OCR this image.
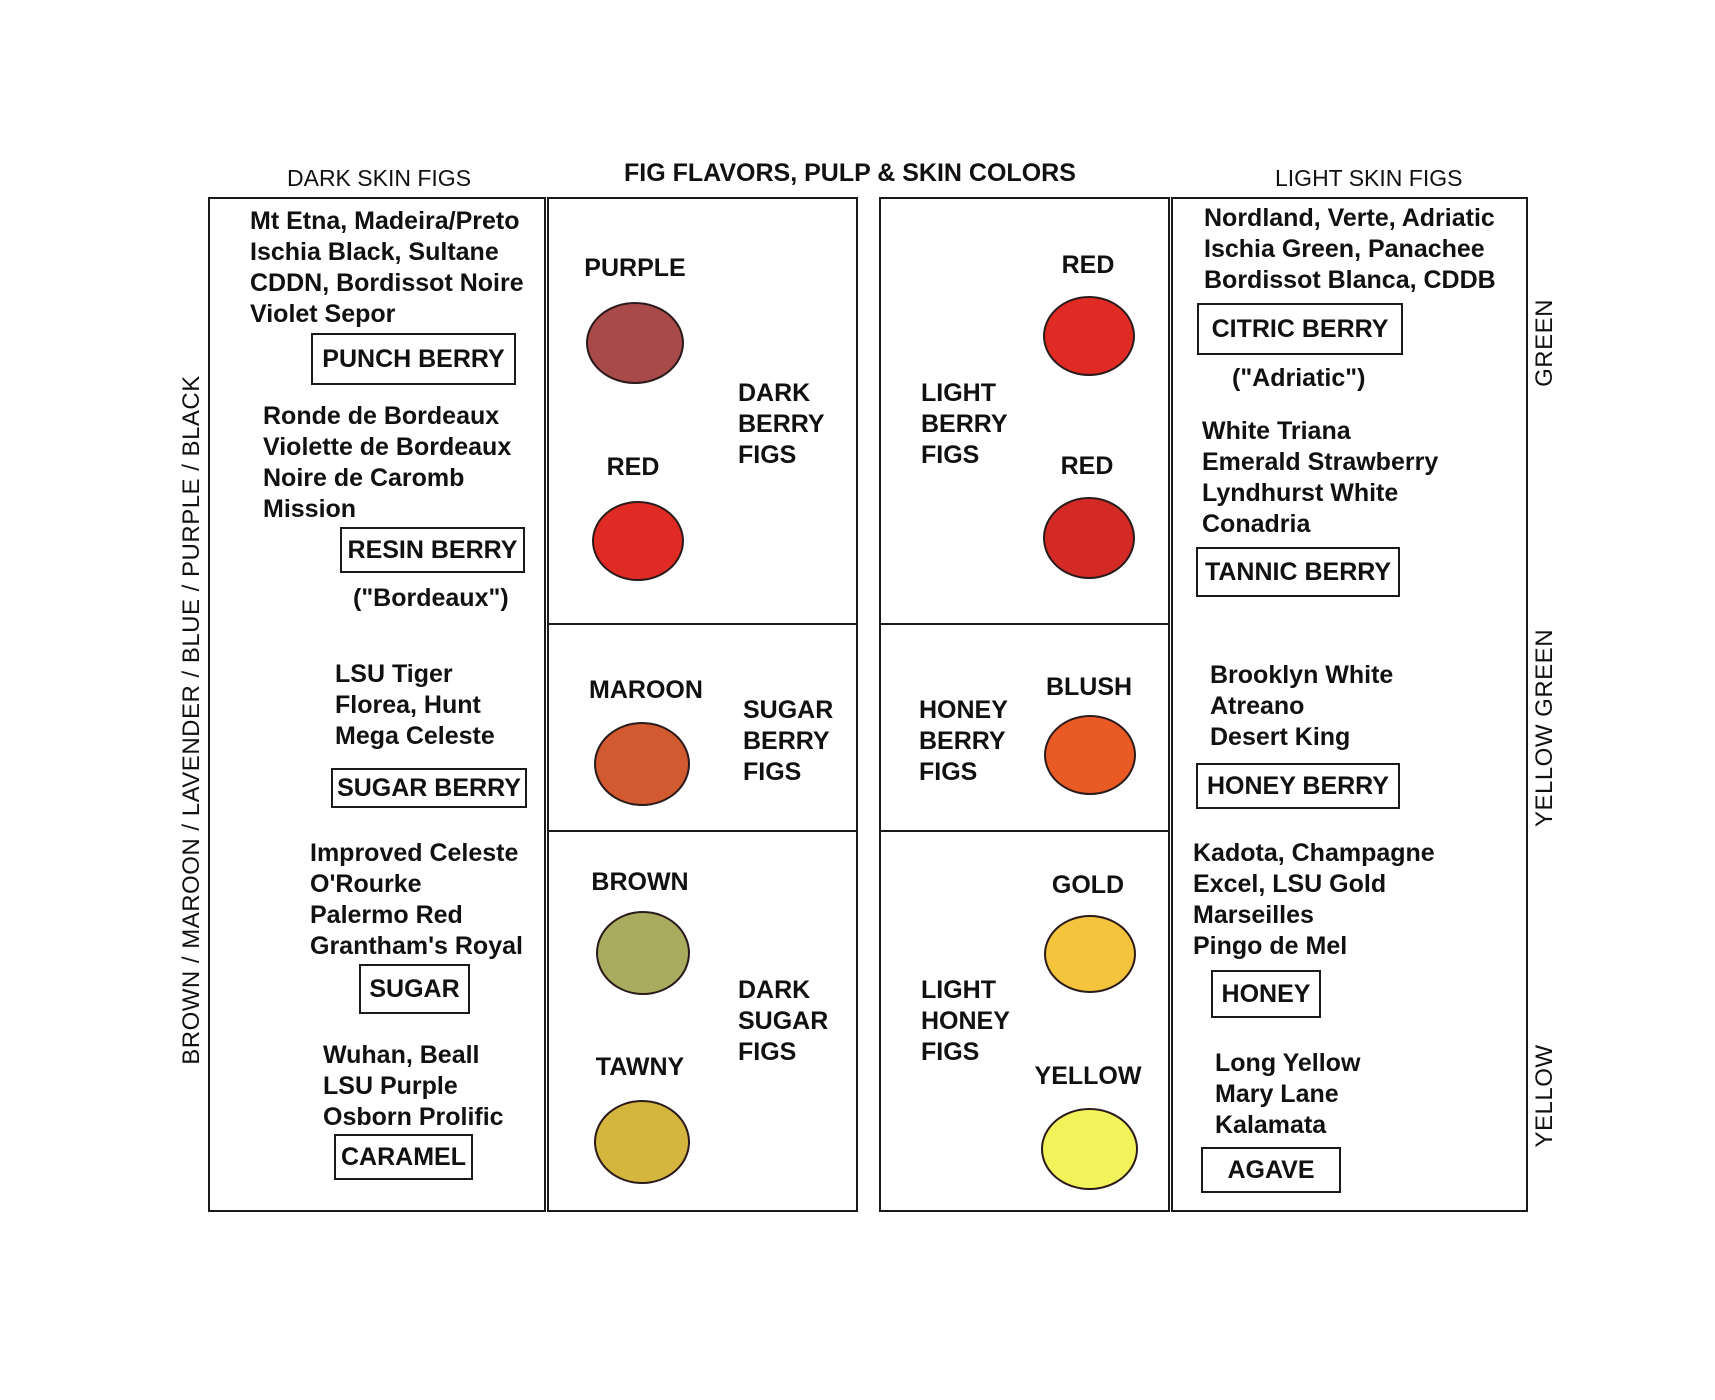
DARK SKIN FIGS	FIG FLAVORS, PULP & SKIN COLORS	LIGHT SKIN FIGS
BROWN / MAROON / LAVENDER / BLUE / PURPLE / BLACK
GREEN
YELLOW GREEN
YELLOW
Mt Etna, Madeira/Preto
Ischia Black, Sultane
CDDN, Bordissot Noire
Violet Sepor
PUNCH BERRY
Ronde de Bordeaux
Violette de Bordeaux
Noire de Caromb
Mission
RESIN BERRY
("Bordeaux")
LSU Tiger
Florea, Hunt
Mega Celeste
SUGAR BERRY
Improved Celeste
O'Rourke
Palermo Red
Grantham's Royal
SUGAR
Wuhan, Beall
LSU Purple
Osborn Prolific
CARAMEL
PURPLE
RED
MAROON
BROWN
TAWNY
DARK
BERRY
FIGS
SUGAR
BERRY
FIGS
DARK
SUGAR
FIGS
LIGHT
BERRY
FIGS
HONEY
BERRY
FIGS
LIGHT
HONEY
FIGS
RED
RED
BLUSH
GOLD
YELLOW
Nordland, Verte, Adriatic
Ischia Green, Panachee
Bordissot Blanca, CDDB
CITRIC BERRY
("Adriatic")
White Triana
Emerald Strawberry
Lyndhurst White
Conadria
TANNIC BERRY
Brooklyn White
Atreano
Desert King
HONEY BERRY
Kadota, Champagne
Excel, LSU Gold
Marseilles
Pingo de Mel
HONEY
Long Yellow
Mary Lane
Kalamata
AGAVE
